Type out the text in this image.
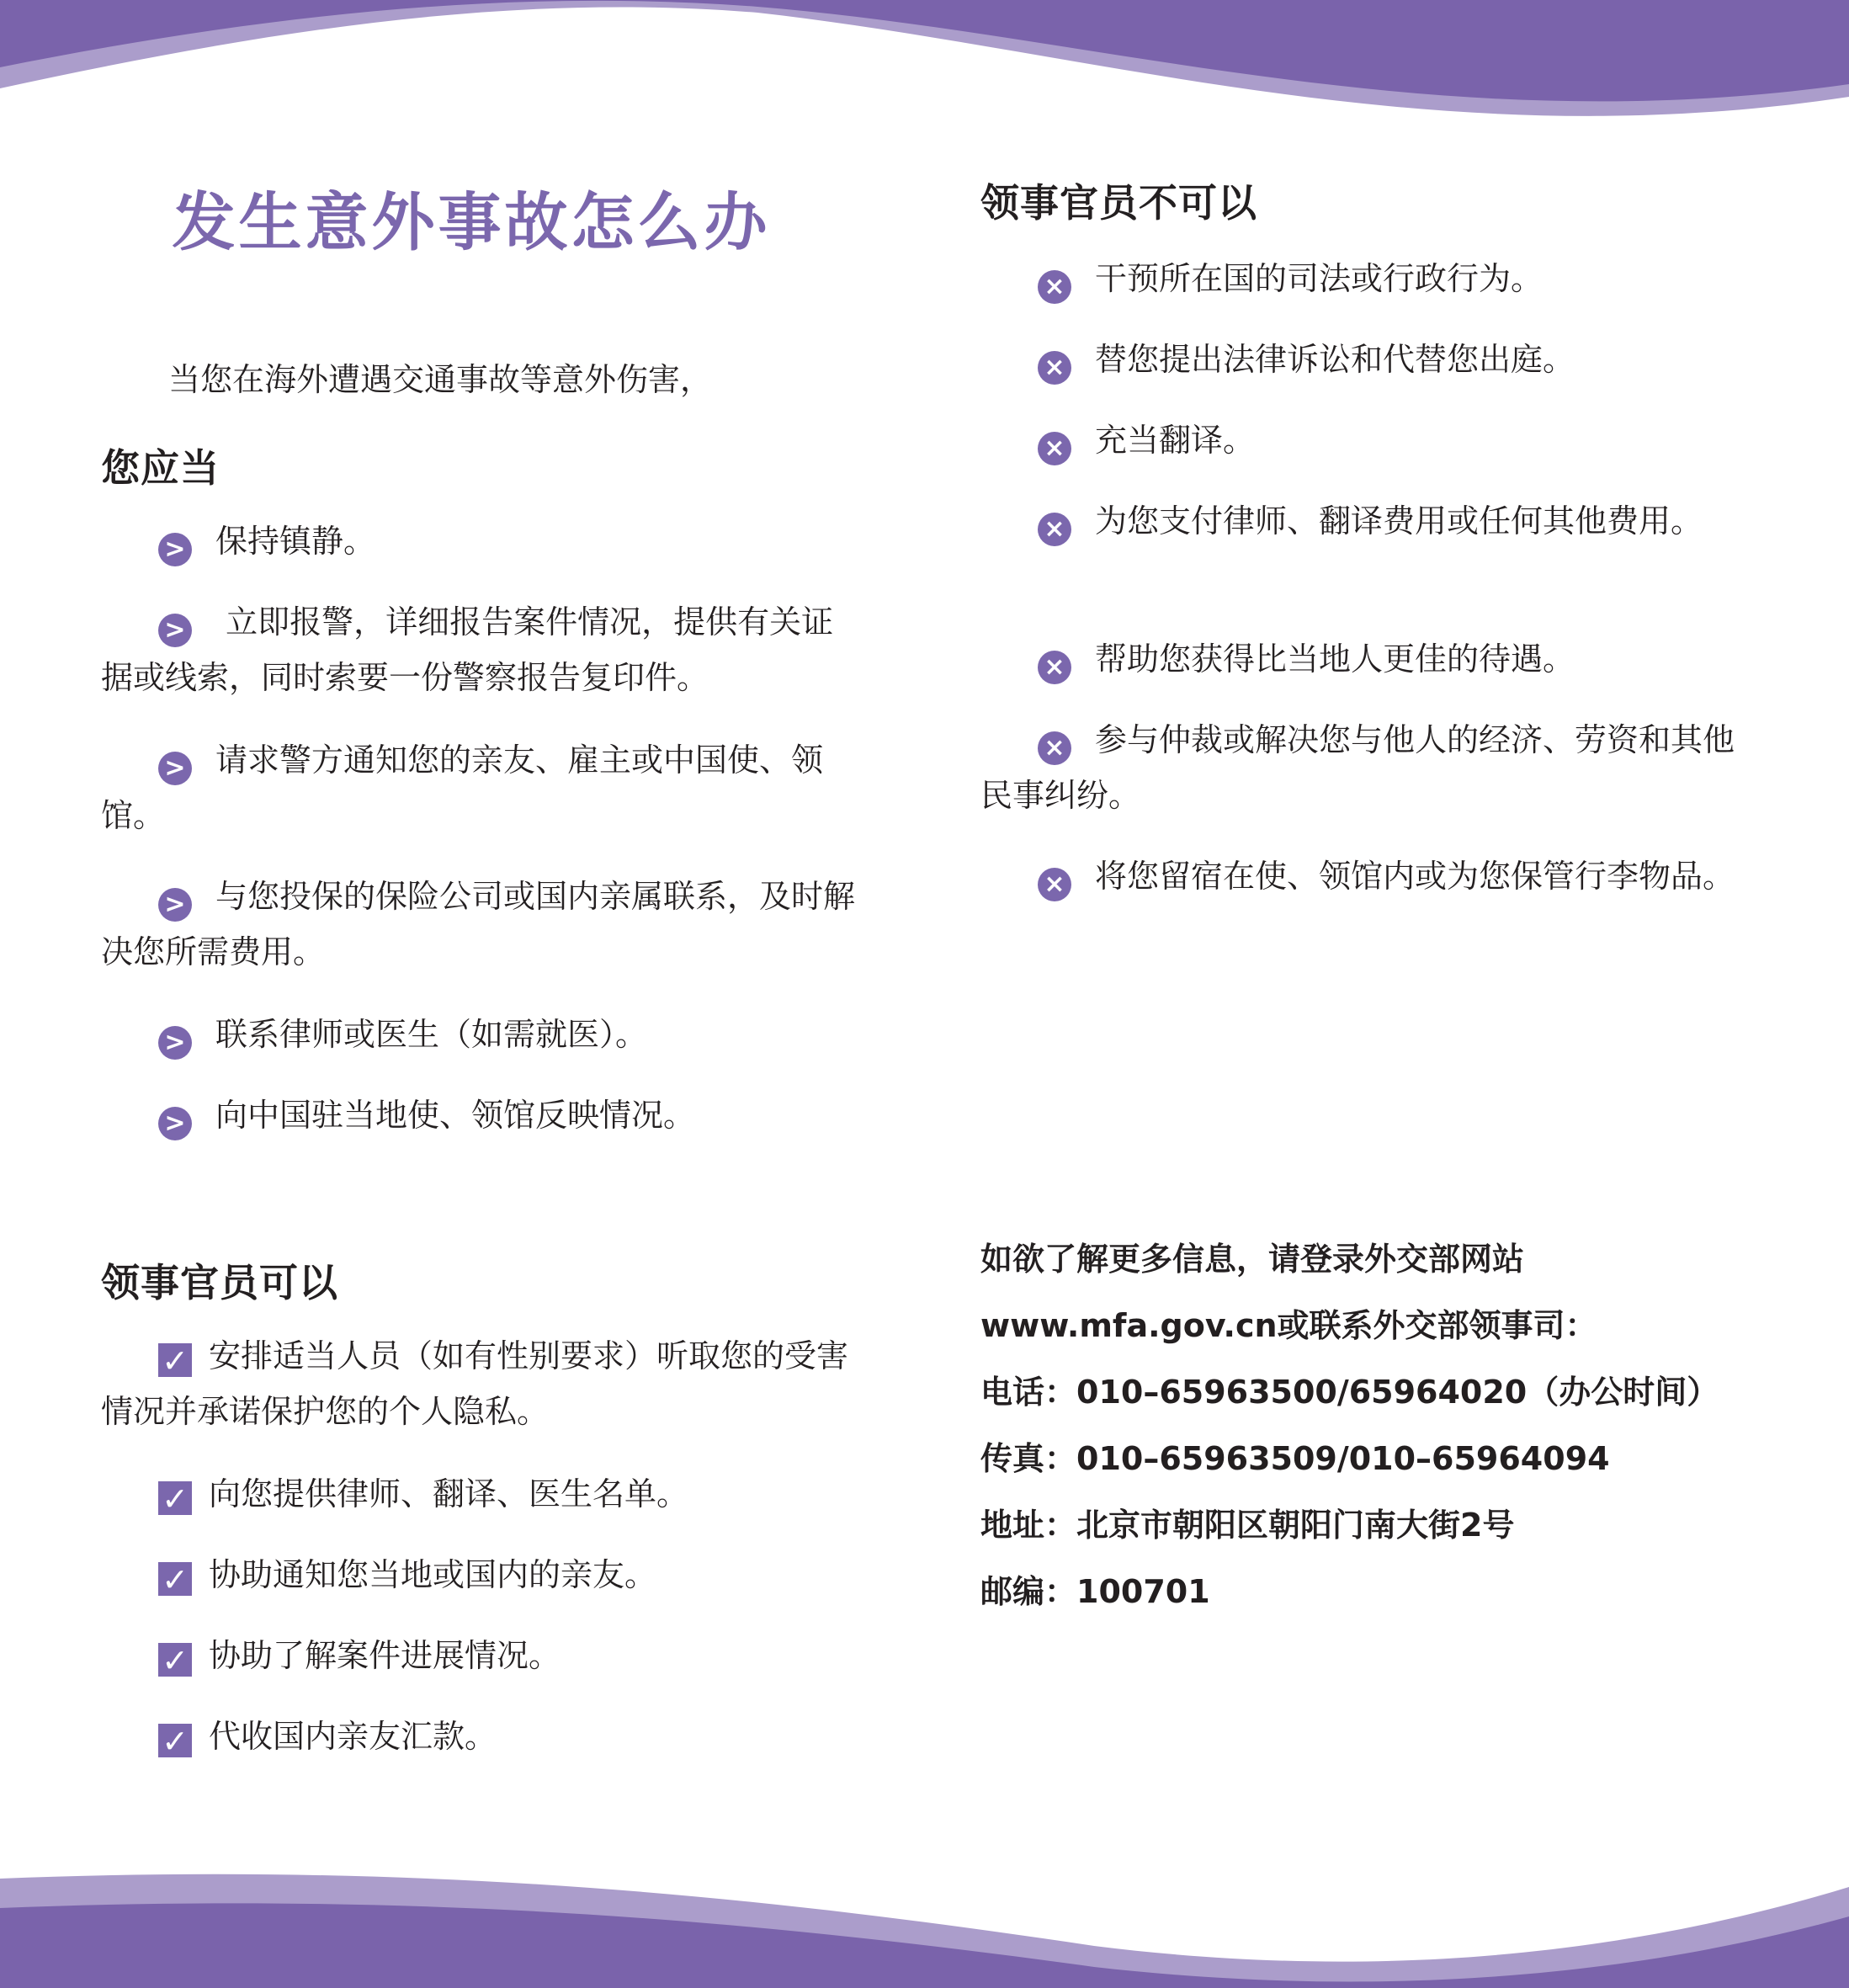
发生意外事故怎么办
当您在海外遭遇交通事故等意外伤害，
您应当
> 保持镇静。
> 立即报警，详细报告案件情况，提供有关证据或线索，同时索要一份警察报告复印件。
> 请求警方通知您的亲友、雇主或中国使、领馆。
> 与您投保的保险公司或国内亲属联系，及时解决您所需费用。
> 联系律师或医生（如需就医）。
> 向中国驻当地使、领馆反映情况。
领事官员可以
✓ 安排适当人员（如有性别要求）听取您的受害情况并承诺保护您的个人隐私。
✓ 向您提供律师、翻译、医生名单。
✓ 协助通知您当地或国内的亲友。
✓ 协助了解案件进展情况。
✓ 代收国内亲友汇款。
领事官员不可以
× 干预所在国的司法或行政行为。
× 替您提出法律诉讼和代替您出庭。
× 充当翻译。
× 为您支付律师、翻译费用或任何其他费用。
× 帮助您获得比当地人更佳的待遇。
× 参与仲裁或解决您与他人的经济、劳资和其他民事纠纷。
× 将您留宿在使、领馆内或为您保管行李物品。
如欲了解更多信息，请登录外交部网站
www.mfa.gov.cn或联系外交部领事司：
电话：010–65963500/65964020（办公时间）
传真：010–65963509/010–65964094
地址：北京市朝阳区朝阳门南大街2号
邮编：100701
